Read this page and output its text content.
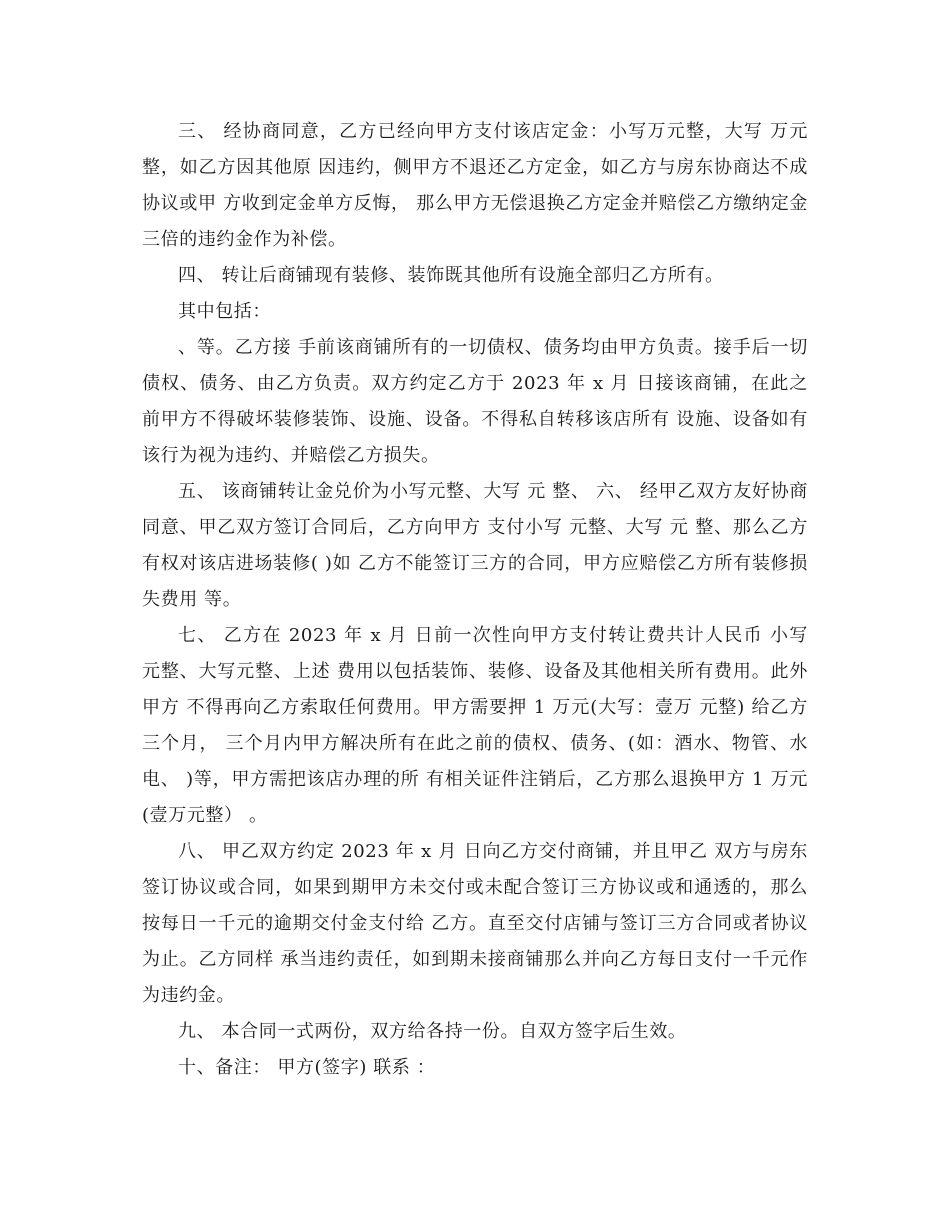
三、 经协商同意，乙方已经向甲方支付该店定金：小写万元整，大写 万元整，如乙方因其他原 因违约，侧甲方不退还乙方定金，如乙方与房东协商达不成协议或甲 方收到定金单方反悔， 那么甲方无偿退换乙方定金并赔偿乙方缴纳定金三倍的违约金作为补偿。

四、 转让后商铺现有装修、装饰既其他所有设施全部归乙方所有。

其中包括：

、等。乙方接 手前该商铺所有的一切债权、债务均由甲方负责。接手后一切债权、债务、由乙方负责。双方约定乙方于 2023 年 x 月 日接该商铺，在此之前甲方不得破坏装修装饰、设施、设备。不得私自转移该店所有 设施、设备如有该行为视为违约、并赔偿乙方损失。

五、 该商铺转让金兑价为小写元整、大写 元 整、 六、 经甲乙双方友好协商同意、甲乙双方签订合同后，乙方向甲方 支付小写 元整、大写 元 整、那么乙方有权对该店进场装修( )如 乙方不能签订三方的合同，甲方应赔偿乙方所有装修损失费用 等。

七、 乙方在 2023 年 x 月 日前一次性向甲方支付转让费共计人民币 小写 元整、大写元整、上述 费用以包括装饰、装修、设备及其他相关所有费用。此外甲方 不得再向乙方索取任何费用。甲方需要押 1 万元(大写：壹万 元整) 给乙方三个月， 三个月内甲方解决所有在此之前的债权、债务、(如：酒水、物管、水电、 )等，甲方需把该店办理的所 有相关证件注销后，乙方那么退换甲方 1 万元(壹万元整） 。

八、 甲乙双方约定 2023 年 x 月 日向乙方交付商铺，并且甲乙 双方与房东签订协议或合同，如果到期甲方未交付或未配合签订三方协议或和通透的，那么按每日一千元的逾期交付金支付给 乙方。直至交付店铺与签订三方合同或者协议为止。乙方同样 承当违约责任，如到期未接商铺那么并向乙方每日支付一千元作为违约金。

九、 本合同一式两份，双方给各持一份。自双方签字后生效。

十、备注： 甲方(签字) 联系 ：
